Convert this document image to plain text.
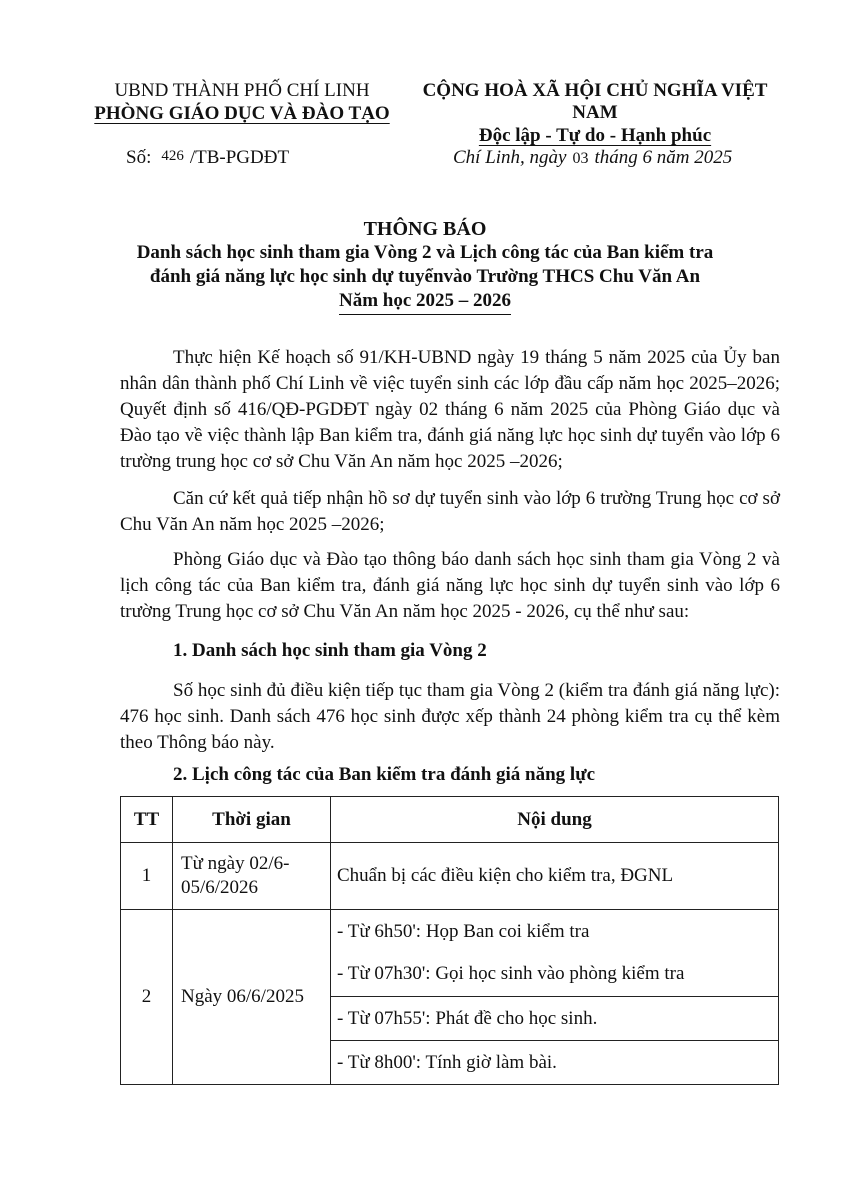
UBND THÀNH PHỐ CHÍ LINH
PHÒNG GIÁO DỤC VÀ ĐÀO TẠO
CỘNG HOÀ XÃ HỘI CHỦ NGHĨA VIỆT NAM
Độc lập - Tự do - Hạnh phúc
Số: 426 /TB-PGDĐT	Chí Linh, ngày 03 tháng 6 năm 2025
THÔNG BÁO
Danh sách học sinh tham gia Vòng 2 và Lịch công tác của Ban kiểm tra
đánh giá năng lực học sinh dự tuyểnvào Trường THCS Chu Văn An
Năm học 2025 – 2026
Thực hiện Kế hoạch số 91/KH-UBND ngày 19 tháng 5 năm 2025 của Ủy ban nhân dân thành phố Chí Linh về việc tuyển sinh các lớp đầu cấp năm học 2025–2026; Quyết định số 416/QĐ-PGDĐT ngày 02 tháng 6 năm 2025 của Phòng Giáo dục và Đào tạo về việc thành lập Ban kiểm tra, đánh giá năng lực học sinh dự tuyển vào lớp 6 trường trung học cơ sở Chu Văn An năm học 2025 –2026;
Căn cứ kết quả tiếp nhận hồ sơ dự tuyển sinh vào lớp 6 trường Trung học cơ sở Chu Văn An năm học 2025 –2026;
Phòng Giáo dục và Đào tạo thông báo danh sách học sinh tham gia Vòng 2 và lịch công tác của Ban kiểm tra, đánh giá năng lực học sinh dự tuyển sinh vào lớp 6 trường Trung học cơ sở Chu Văn An năm học 2025 - 2026, cụ thể như sau:
1. Danh sách học sinh tham gia Vòng 2
Số học sinh đủ điều kiện tiếp tục tham gia Vòng 2 (kiểm tra đánh giá năng lực): 476 học sinh. Danh sách 476 học sinh được xếp thành 24 phòng kiểm tra cụ thể kèm theo Thông báo này.
2. Lịch công tác của Ban kiểm tra đánh giá năng lực
TT	Thời gian	Nội dung
1	Từ ngày 02/6-05/6/2026	Chuẩn bị các điều kiện cho kiểm tra, ĐGNL
2	Ngày 06/6/2025	- Từ 6h50': Họp Ban coi kiểm tra
- Từ 07h30': Gọi học sinh vào phòng kiểm tra

		- Từ 07h55': Phát đề cho học sinh.
		- Từ 8h00': Tính giờ làm bài.
